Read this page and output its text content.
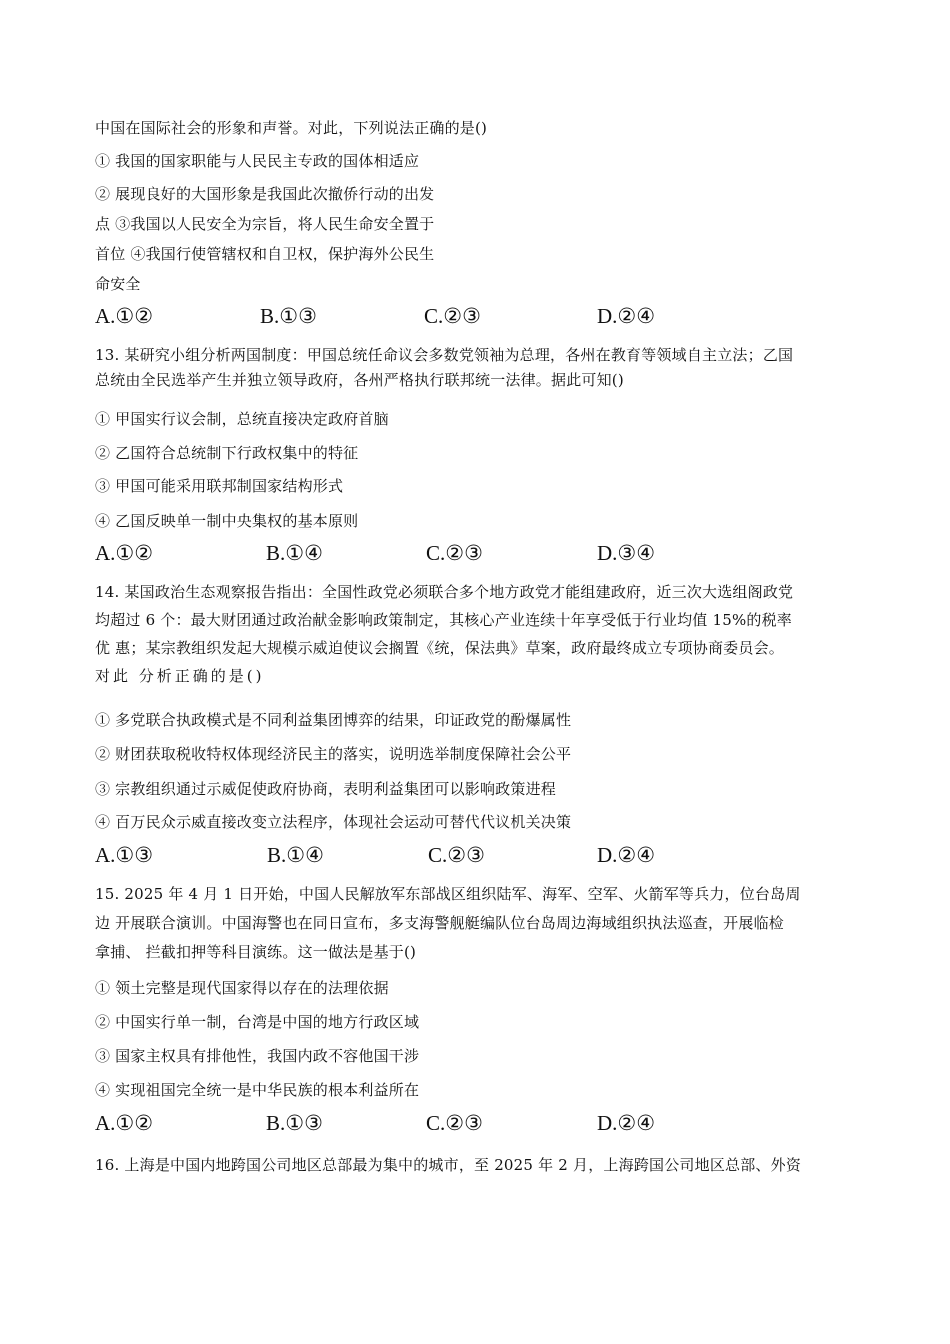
中国在国际社会的形象和声誉。对此，下列说法正确的是()
① 我国的国家职能与人民民主专政的国体相适应
② 展现良好的大国形象是我国此次撤侨行动的出发
点 ③我国以人民安全为宗旨，将人民生命安全置于
首位 ④我国行使管辖权和自卫权，保护海外公民生
命安全
A.①②	B.①③	C.②③	D.②④
13. 某研究小组分析两国制度：甲国总统任命议会多数党领袖为总理，各州在教育等领域自主立法；乙国
总统由全民选举产生并独立领导政府，各州严格执行联邦统一法律。据此可知()
① 甲国实行议会制，总统直接决定政府首脑
② 乙国符合总统制下行政权集中的特征
③ 甲国可能采用联邦制国家结构形式
④ 乙国反映单一制中央集权的基本原则
A.①②	B.①④	C.②③	D.③④
14. 某国政治生态观察报告指出：全国性政党必须联合多个地方政党才能组建政府，近三次大选组阁政党
均超过 6 个：最大财团通过政治献金影响政策制定，其核心产业连续十年享受低于行业均值 15%的税率
优 惠；某宗教组织发起大规模示威迫使议会搁置《统，保法典》草案，政府最终成立专项协商委员会。
对此 分析正确的是()
① 多党联合执政模式是不同利益集团博弈的结果，印证政党的酚爆属性
② 财团获取税收特权体现经济民主的落实，说明选举制度保障社会公平
③ 宗教组织通过示威促使政府协商，表明利益集团可以影响政策进程
④ 百万民众示威直接改变立法程序，体现社会运动可替代代议机关决策
A.①③	B.①④	C.②③	D.②④
15. 2025 年 4 月 1 日开始，中国人民解放军东部战区组织陆军、海军、空军、火箭军等兵力，位台岛周
边 开展联合演训。中国海警也在同日宣布，多支海警舰艇编队位台岛周边海域组织执法巡查，开展临检
拿捕、 拦截扣押等科目演练。这一做法是基于()
① 领土完整是现代国家得以存在的法理依据
② 中国实行单一制，台湾是中国的地方行政区域
③ 国家主权具有排他性，我国内政不容他国干涉
④ 实现祖国完全统一是中华民族的根本利益所在
A.①②	B.①③	C.②③	D.②④
16. 上海是中国内地跨国公司地区总部最为集中的城市，至 2025 年 2 月，上海跨国公司地区总部、外资
